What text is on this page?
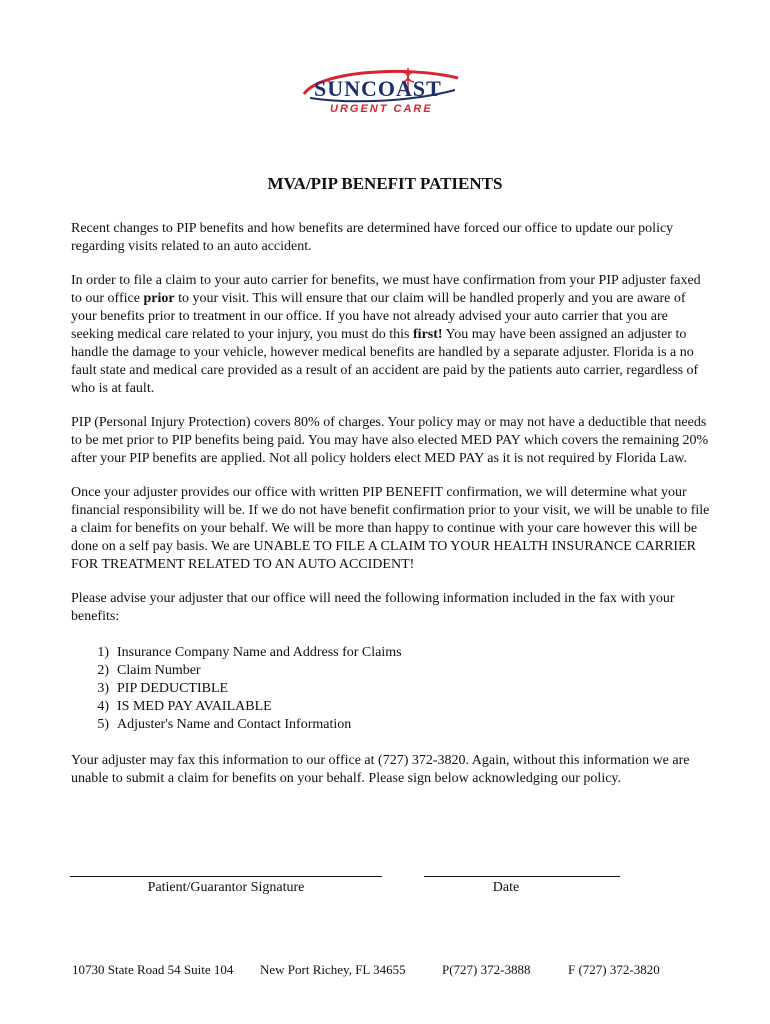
SUNCOAST
URGENT CARE
MVA/PIP BENEFIT PATIENTS

Recent changes to PIP benefits and how benefits are determined have forced our office to update our policy regarding visits related to an auto accident.

In order to file a claim to your auto carrier for benefits, we must have confirmation from your PIP adjuster faxed to our office prior to your visit. This will ensure that our claim will be handled properly and you are aware of your benefits prior to treatment in our office. If you have not already advised your auto carrier that you are seeking medical care related to your injury, you must do this first! You may have been assigned an adjuster to handle the damage to your vehicle, however medical benefits are handled by a separate adjuster. Florida is a no fault state and medical care provided as a result of an accident are paid by the patients auto carrier, regardless of who is at fault.

PIP (Personal Injury Protection) covers 80% of charges. Your policy may or may not have a deductible that needs to be met prior to PIP benefits being paid. You may have also elected MED PAY which covers the remaining 20% after your PIP benefits are applied. Not all policy holders elect MED PAY as it is not required by Florida Law.

Once your adjuster provides our office with written PIP BENEFIT confirmation, we will determine what your financial responsibility will be. If we do not have benefit confirmation prior to your visit, we will be unable to file a claim for benefits on your behalf. We will be more than happy to continue with your care however this will be done on a self pay basis. We are UNABLE TO FILE A CLAIM TO YOUR HEALTH INSURANCE CARRIER FOR TREATMENT RELATED TO AN AUTO ACCIDENT!

Please advise your adjuster that our office will need the following information included in the fax with your benefits:

1) Insurance Company Name and Address for Claims
2) Claim Number
3) PIP DEDUCTIBLE
4) IS MED PAY AVAILABLE
5) Adjuster's Name and Contact Information

Your adjuster may fax this information to our office at (727) 372-3820. Again, without this information we are unable to submit a claim for benefits on your behalf. Please sign below acknowledging our policy.

Patient/Guarantor Signature	Date
10730 State Road 54 Suite 104 New Port Richey, FL 34655	P(727) 372-3888	F (727) 372-3820
